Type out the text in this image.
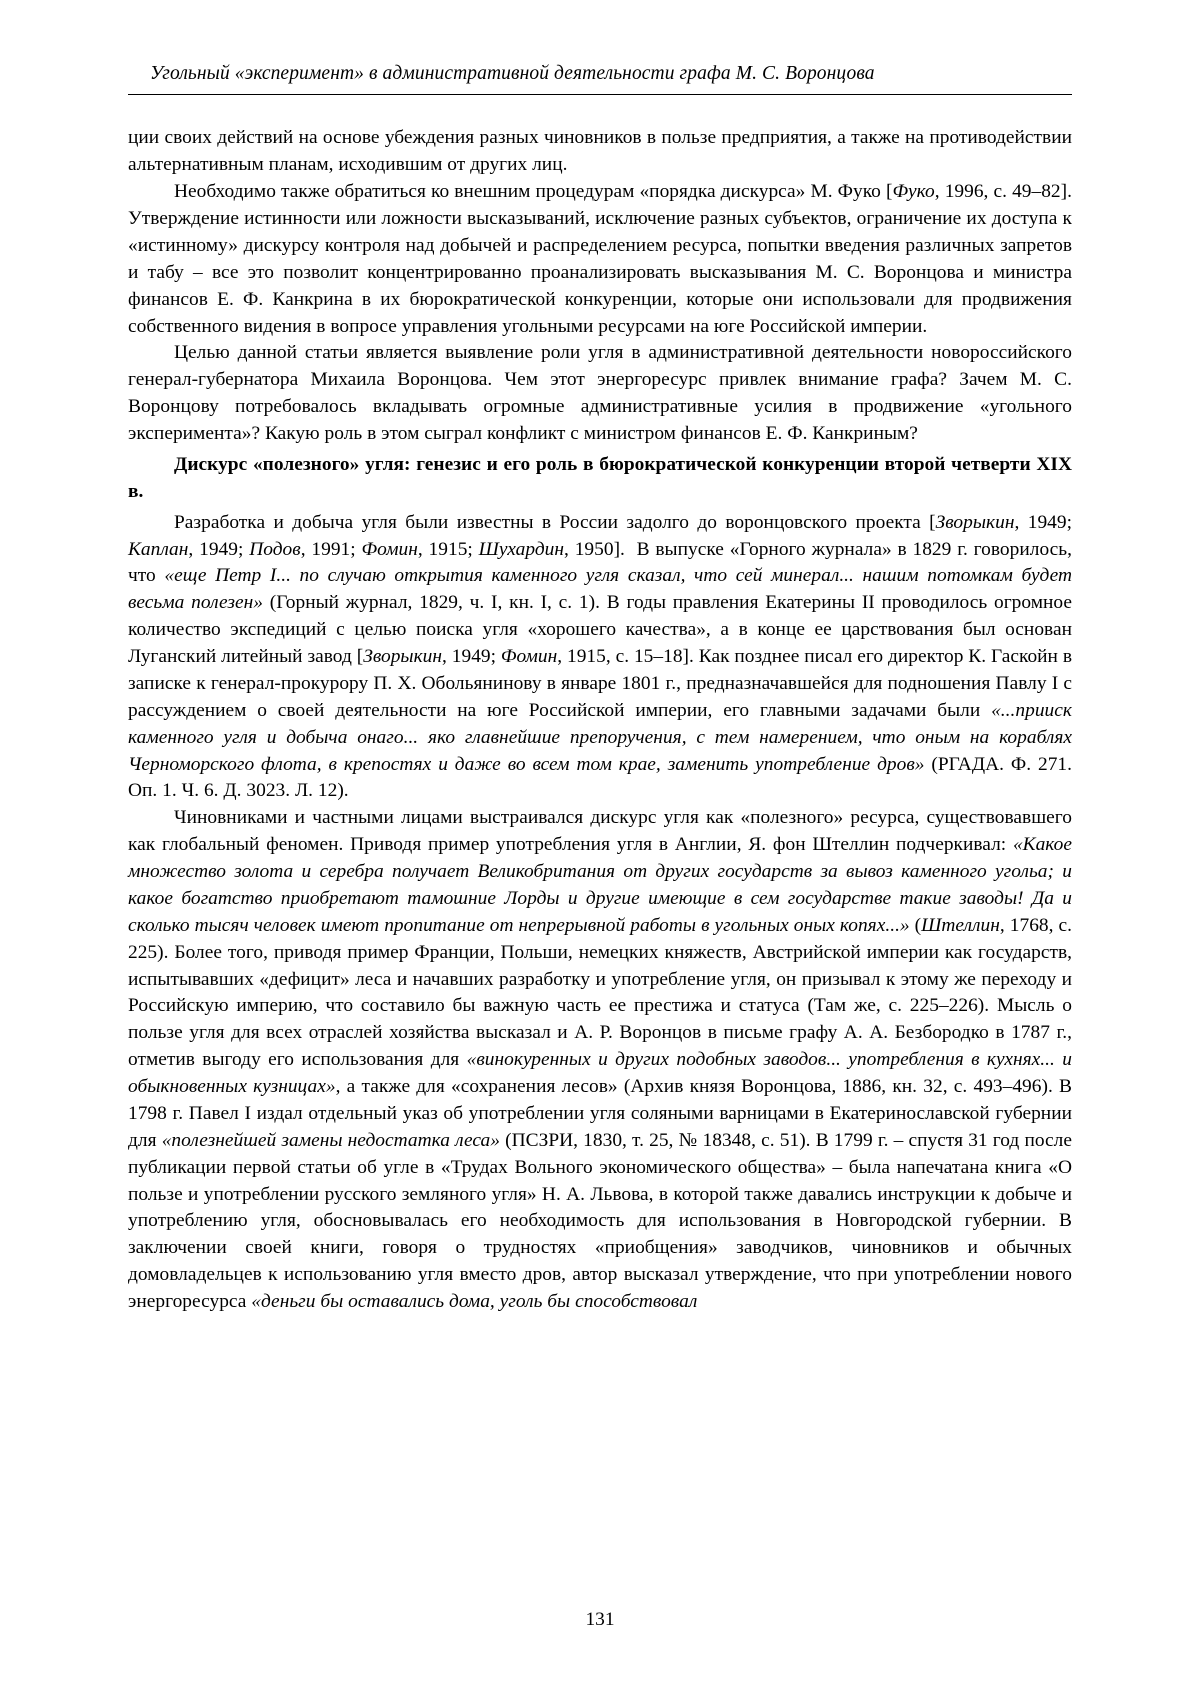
Угольный «эксперимент» в административной деятельности графа М. С. Воронцова

ции своих действий на основе убеждения разных чиновников в пользе предприятия, а также на противодействии альтернативным планам, исходившим от других лиц.

Необходимо также обратиться ко внешним процедурам «порядка дискурса» М. Фуко [Фуко, 1996, с. 49–82]. Утверждение истинности или ложности высказываний, исключение разных субъектов, ограничение их доступа к «истинному» дискурсу контроля над добычей и распределением ресурса, попытки введения различных запретов и табу – все это позволит концентрированно проанализировать высказывания М. С. Воронцова и министра финансов Е. Ф. Канкрина в их бюрократической конкуренции, которые они использовали для продвижения собственного видения в вопросе управления угольными ресурсами на юге Российской империи.

Целью данной статьи является выявление роли угля в административной деятельности новороссийского генерал-губернатора Михаила Воронцова. Чем этот энергоресурс привлек внимание графа? Зачем М. С. Воронцову потребовалось вкладывать огромные административные усилия в продвижение «угольного эксперимента»? Какую роль в этом сыграл конфликт с министром финансов Е. Ф. Канкриным?

Дискурс «полезного» угля: генезис и его роль в бюрократической конкуренции второй четверти XIX в.

Разработка и добыча угля были известны в России задолго до воронцовского проекта [Зворыкин, 1949; Каплан, 1949; Подов, 1991; Фомин, 1915; Шухардин, 1950].  В выпуске «Горного журнала» в 1829 г. говорилось, что «еще Петр I... по случаю открытия каменного угля сказал, что сей минерал... нашим потомкам будет весьма полезен» (Горный журнал, 1829, ч. I, кн. I, с. 1). В годы правления Екатерины II проводилось огромное количество экспедиций с целью поиска угля «хорошего качества», а в конце ее царствования был основан Луганский литейный завод [Зворыкин, 1949; Фомин, 1915, с. 15–18]. Как позднее писал его директор К. Гаскойн в записке к генерал-прокурору П. Х. Обольянинову в январе 1801 г., предназначавшейся для подношения Павлу I с рассуждением о своей деятельности на юге Российской империи, его главными задачами были «...прииск каменного угля и добыча онаго... яко главнейшие препоручения, с тем намерением, что оным на кораблях Черноморского флота, в крепостях и даже во всем том крае, заменить употребление дров» (РГАДА. Ф. 271. Оп. 1. Ч. 6. Д. 3023. Л. 12).

Чиновниками и частными лицами выстраивался дискурс угля как «полезного» ресурса, существовавшего как глобальный феномен. Приводя пример употребления угля в Англии, Я. фон Штеллин подчеркивал: «Какое множество золота и серебра получает Великобритания от других государств за вывоз каменного угольа; и какое богатство приобретают тамошние Лорды и другие имеющие в сем государстве такие заводы! Да и сколько тысяч человек имеют пропитание от непрерывной работы в угольных оных копях...» (Штеллин, 1768, с. 225). Более того, приводя пример Франции, Польши, немецких княжеств, Австрийской империи как государств, испытывавших «дефицит» леса и начавших разработку и употребление угля, он призывал к этому же переходу и Российскую империю, что составило бы важную часть ее престижа и статуса (Там же, с. 225–226). Мысль о пользе угля для всех отраслей хозяйства высказал и А. Р. Воронцов в письме графу А. А. Безбородко в 1787 г., отметив выгоду его использования для «винокуренных и других подобных заводов... употребления в кухнях... и обыкновенных кузницах», а также для «сохранения лесов» (Архив князя Воронцова, 1886, кн. 32, с. 493–496). В 1798 г. Павел I издал отдельный указ об употреблении угля соляными варницами в Екатеринославской губернии для «полезнейшей замены недостатка леса» (ПСЗРИ, 1830, т. 25, № 18348, с. 51). В 1799 г. – спустя 31 год после публикации первой статьи об угле в «Трудах Вольного экономического общества» – была напечатана книга «О пользе и употреблении русского земляного угля» Н. А. Львова, в которой также давались инструкции к добыче и употреблению угля, обосновывалась его необходимость для использования в Новгородской губернии. В заключении своей книги, говоря о трудностях «приобщения» заводчиков, чиновников и обычных домовладельцев к использованию угля вместо дров, автор высказал утверждение, что при употреблении нового энергоресурса «деньги бы оставались дома, уголь бы способствовал

131
